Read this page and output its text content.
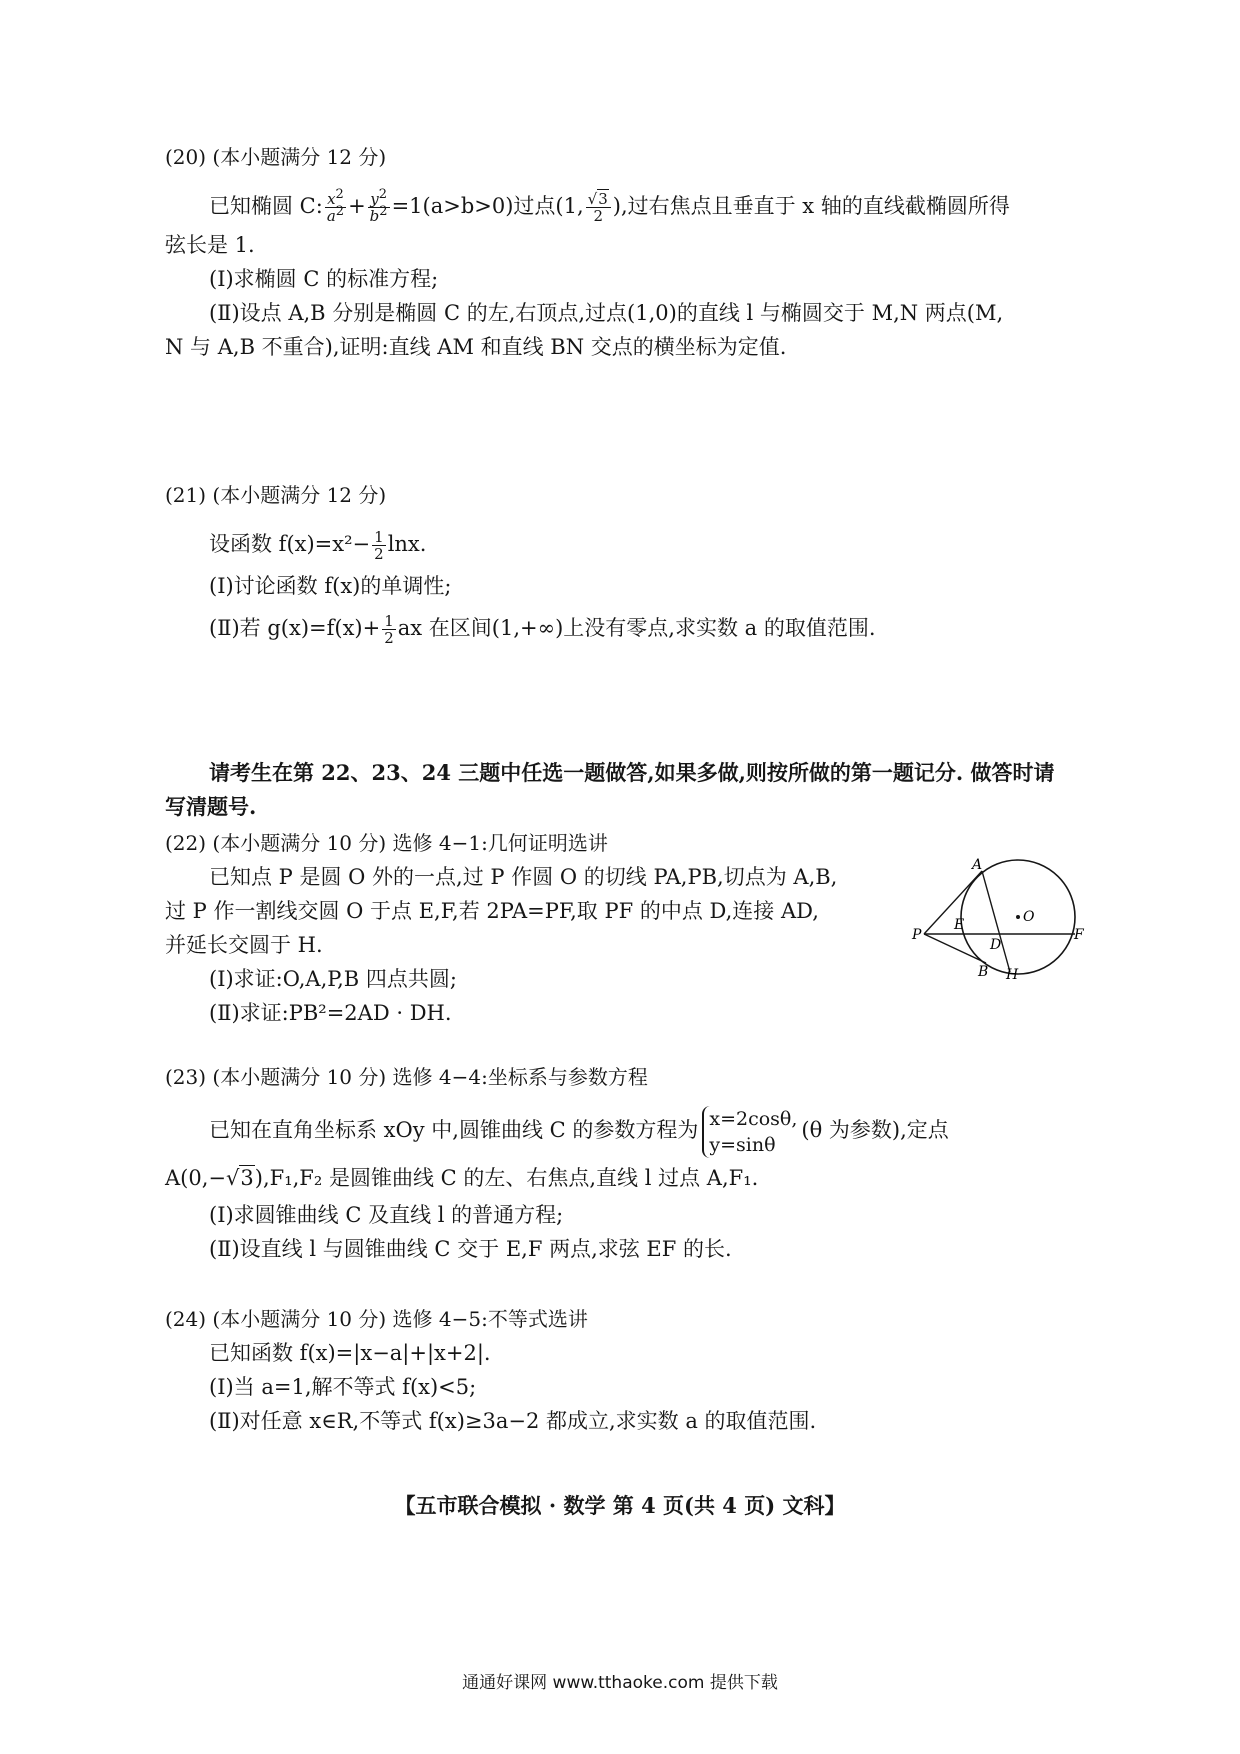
(20) (本小题满分 12 分)
已知椭圆 C: $\frac{x^2}{a^2} + \frac{y^2}{b^2} =1(a>b>0)$过点(1, $\frac{√3}{2}$ ),过右焦点且垂直于 x 轴的直线截椭圆所得
弦长是 1.
(Ⅰ)求椭圆 C 的标准方程;
(Ⅱ)设点 A,B 分别是椭圆 C 的左,右顶点,过点(1,0)的直线 l 与椭圆交于 M,N 两点(M,
N 与 A,B 不重合),证明:直线 AM 和直线 BN 交点的横坐标为定值.
(21) (本小题满分 12 分)
设函数 $f(x)=x^2- \frac{1}{2} \ln x$.
(Ⅰ)讨论函数 f(x)的单调性;
(Ⅱ)若 $g(x)=f(x)+ \frac{1}{2}$ ax 在区间(1,+∞)上没有零点,求实数 a 的取值范围.
请考生在第 22、23、24 三题中任选一题做答,如果多做,则按所做的第一题记分. 做答时请
写清题号.
(22) (本小题满分 10 分) 选修 4−1:几何证明选讲
已知点 P 是圆 O 外的一点,过 P 作圆 O 的切线 PA,PB,切点为 A,B,
过 P 作一割线交圆 O 于点 E,F,若 2PA=PF,取 PF 的中点 D,连接 AD,
并延长交圆于 H.
(Ⅰ)求证:O,A,P,B 四点共圆;
(Ⅱ)求证:PB²=2AD · DH.
A
P
E	O
F
D
B H
(23) (本小题满分 10 分) 选修 4−4:坐标系与参数方程
已知在直角坐标系 xOy 中,圆锥曲线 C 的参数方程为 x=2cosθ,
y=sinθ
(θ 为参数),定点
A(0,−√3),F₁,F₂ 是圆锥曲线 C 的左、右焦点,直线 l 过点 A,F₁.
(Ⅰ)求圆锥曲线 C 及直线 l 的普通方程;
(Ⅱ)设直线 l 与圆锥曲线 C 交于 E,F 两点,求弦 EF 的长.
(24) (本小题满分 10 分) 选修 4−5:不等式选讲
已知函数 f(x)=|x−a|+|x+2|.
(Ⅰ)当 a=1,解不等式 f(x)<5;
(Ⅱ)对任意 x∈R,不等式 f(x)≥3a−2 都成立,求实数 a 的取值范围.
【五市联合模拟 · 数学 第 4 页(共 4 页) 文科】
通通好课网 www.tthaoke.com 提供下载
